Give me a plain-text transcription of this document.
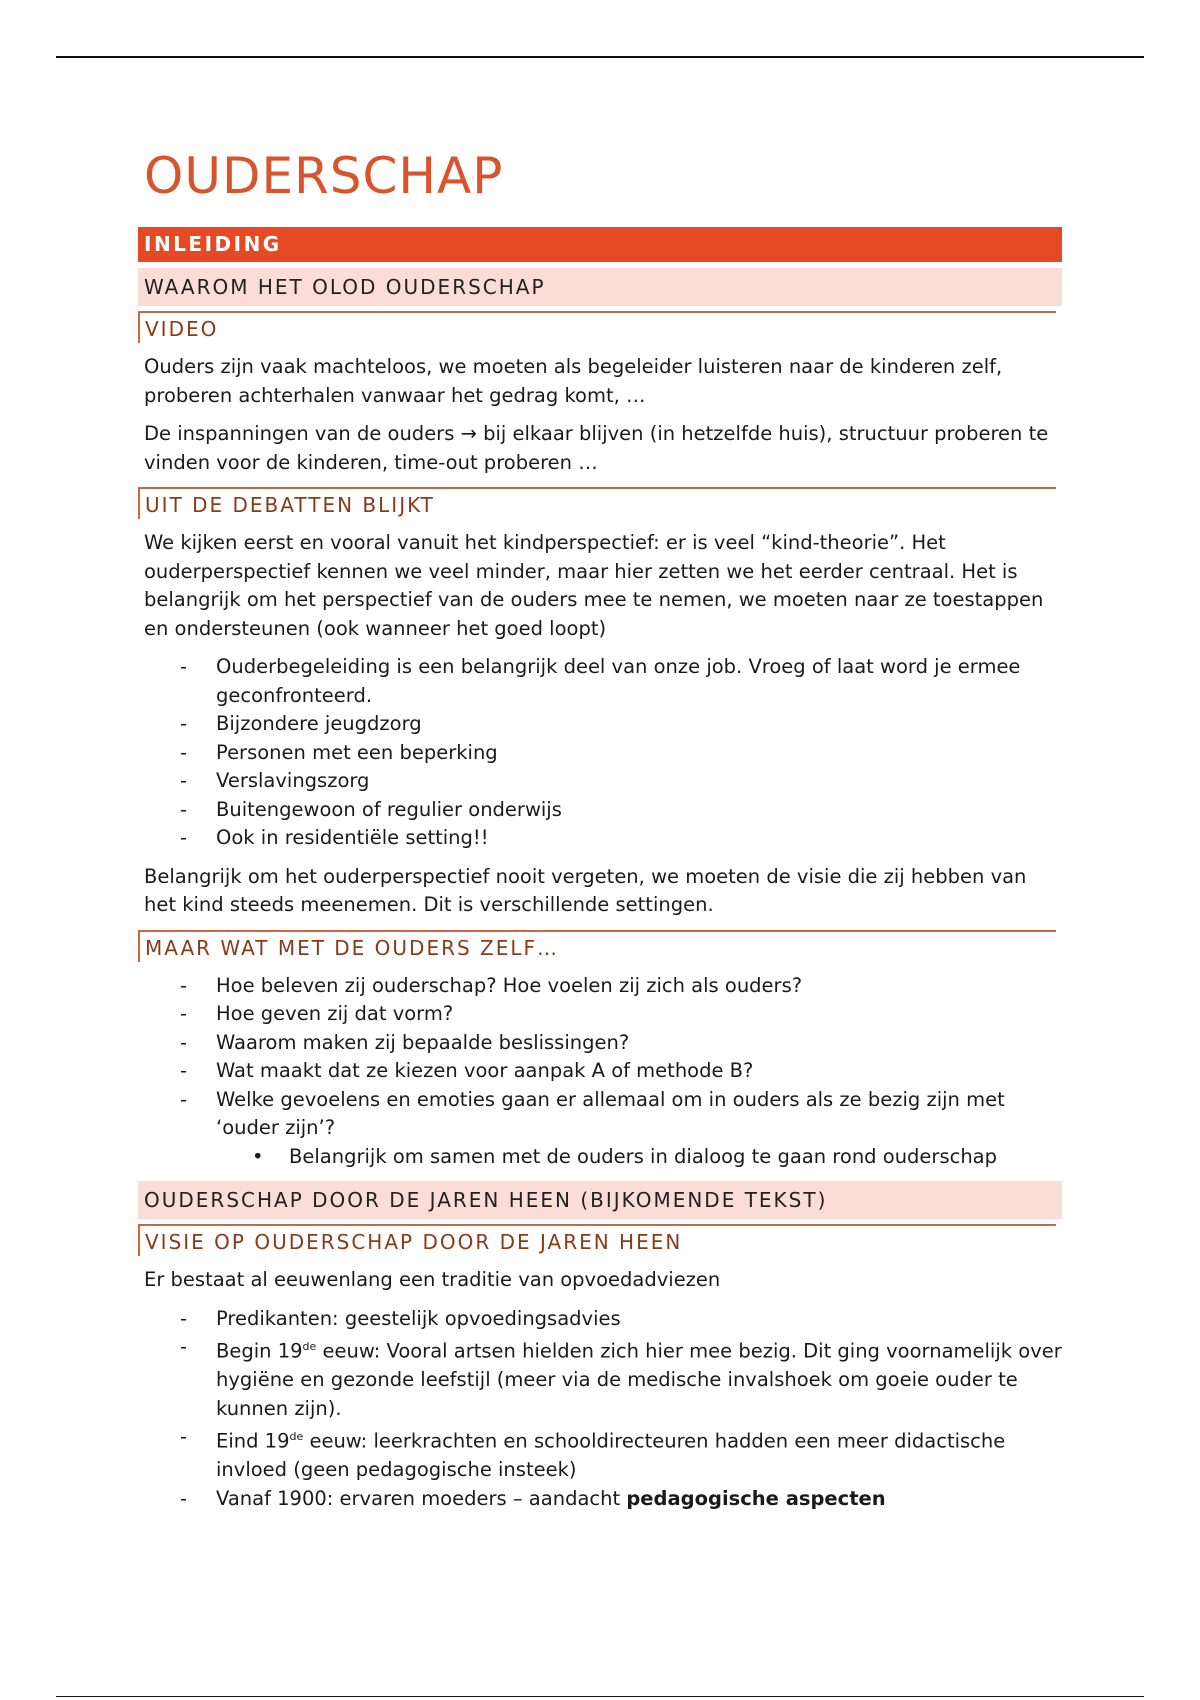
OUDERSCHAP
INLEIDING
WAAROM HET OLOD OUDERSCHAP
VIDEO

Ouders zijn vaak machteloos, we moeten als begeleider luisteren naar de kinderen zelf, proberen achterhalen vanwaar het gedrag komt, …

De inspanningen van de ouders → bij elkaar blijven (in hetzelfde huis), structuur proberen te vinden voor de kinderen, time-out proberen …

UIT DE DEBATTEN BLIJKT

We kijken eerst en vooral vanuit het kindperspectief: er is veel “kind-theorie”. Het ouderperspectief kennen we veel minder, maar hier zetten we het eerder centraal. Het is belangrijk om het perspectief van de ouders mee te nemen, we moeten naar ze toestappen en ondersteunen (ook wanneer het goed loopt)

- Ouderbegeleiding is een belangrijk deel van onze job. Vroeg of laat word je ermee geconfronteerd.
- Bijzondere jeugdzorg
- Personen met een beperking
- Verslavingszorg
- Buitengewoon of regulier onderwijs
- Ook in residentiële setting!!

Belangrijk om het ouderperspectief nooit vergeten, we moeten de visie die zij hebben van het kind steeds meenemen. Dit is verschillende settingen.

MAAR WAT MET DE OUDERS ZELF…
- Hoe beleven zij ouderschap? Hoe voelen zij zich als ouders?
- Hoe geven zij dat vorm?
- Waarom maken zij bepaalde beslissingen?
- Wat maakt dat ze kiezen voor aanpak A of methode B?
- Welke gevoelens en emoties gaan er allemaal om in ouders als ze bezig zijn met ‘ouder zijn’?
• Belangrijk om samen met de ouders in dialoog te gaan rond ouderschap
OUDERSCHAP DOOR DE JAREN HEEN (BIJKOMENDE TEKST)
VISIE OP OUDERSCHAP DOOR DE JAREN HEEN

Er bestaat al eeuwenlang een traditie van opvoedadviezen

- Predikanten: geestelijk opvoedingsadvies
- Begin 19de eeuw: Vooral artsen hielden zich hier mee bezig. Dit ging voornamelijk over hygiëne en gezonde leefstijl (meer via de medische invalshoek om goeie ouder te kunnen zijn).
- Eind 19de eeuw: leerkrachten en schooldirecteuren hadden een meer didactische invloed (geen pedagogische insteek)
- Vanaf 1900: ervaren moeders – aandacht pedagogische aspecten
